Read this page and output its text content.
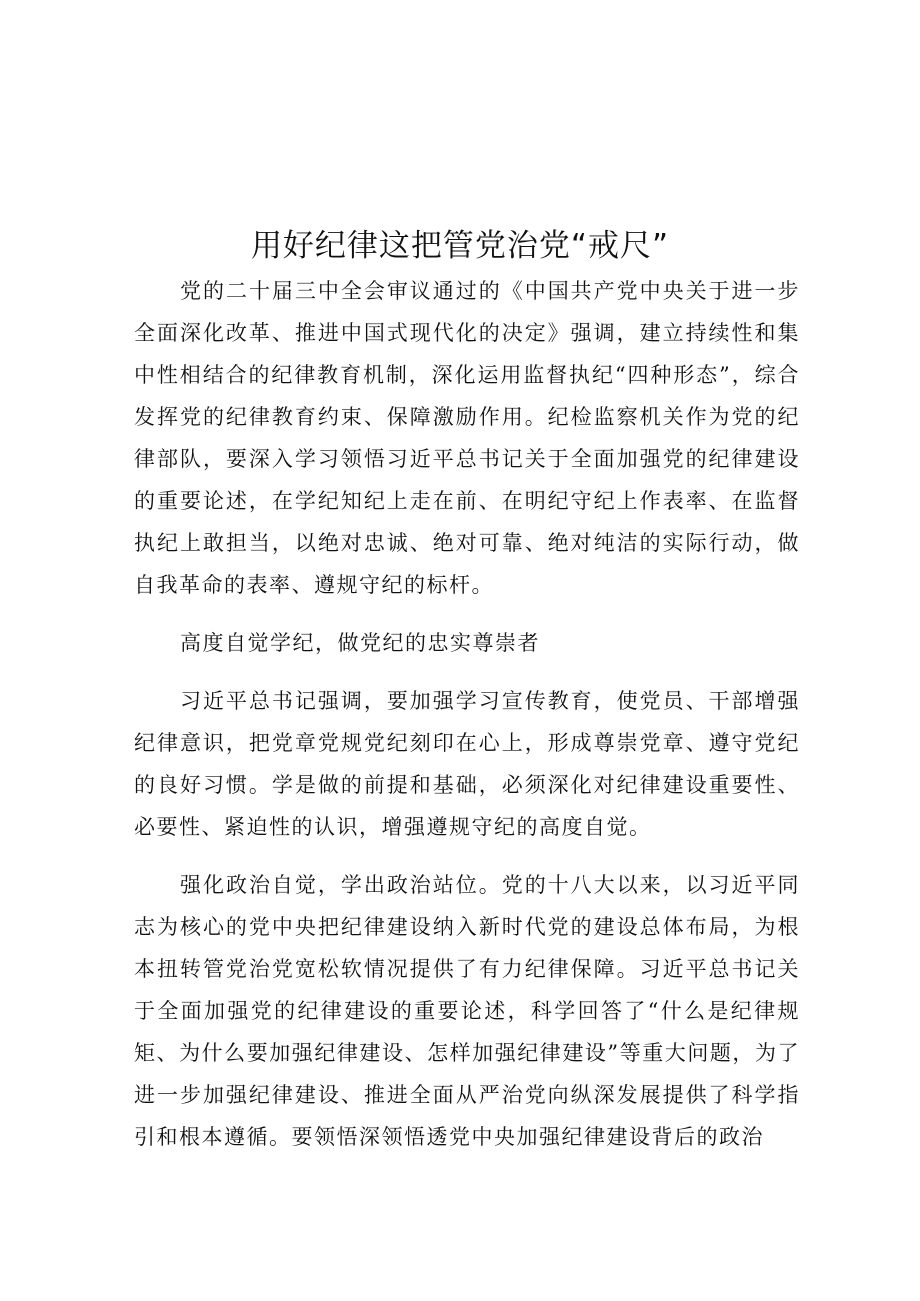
用好纪律这把管党治党“戒尺”

党的二十届三中全会审议通过的《中国共产党中央关于进一步全面深化改革、推进中国式现代化的决定》强调，建立持续性和集中性相结合的纪律教育机制，深化运用监督执纪“四种形态”，综合发挥党的纪律教育约束、保障激励作用。纪检监察机关作为党的纪律部队，要深入学习领悟习近平总书记关于全面加强党的纪律建设的重要论述，在学纪知纪上走在前、在明纪守纪上作表率、在监督执纪上敢担当，以绝对忠诚、绝对可靠、绝对纯洁的实际行动，做自我革命的表率、遵规守纪的标杆。

高度自觉学纪，做党纪的忠实尊崇者

习近平总书记强调，要加强学习宣传教育，使党员、干部增强纪律意识，把党章党规党纪刻印在心上，形成尊崇党章、遵守党纪的良好习惯。学是做的前提和基础，必须深化对纪律建设重要性、必要性、紧迫性的认识，增强遵规守纪的高度自觉。

强化政治自觉，学出政治站位。党的十八大以来，以习近平同志为核心的党中央把纪律建设纳入新时代党的建设总体布局，为根本扭转管党治党宽松软情况提供了有力纪律保障。习近平总书记关于全面加强党的纪律建设的重要论述，科学回答了“什么是纪律规矩、为什么要加强纪律建设、怎样加强纪律建设”等重大问题，为了进一步加强纪律建设、推进全面从严治党向纵深发展提供了科学指引和根本遵循。要领悟深领悟透党中央加强纪律建设背后的政治
